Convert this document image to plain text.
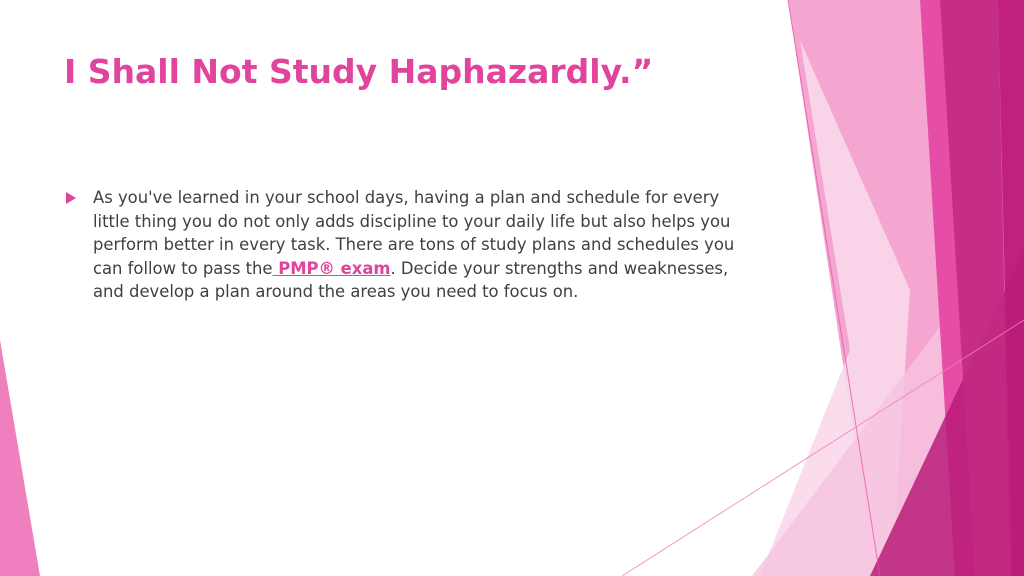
I Shall Not Study Haphazardly.”
As you've learned in your school days, having a plan and schedule for every little thing you do not only adds discipline to your daily life but also helps you perform better in every task. There are tons of study plans and schedules you can follow to pass the PMP® exam. Decide your strengths and weaknesses, and develop a plan around the areas you need to focus on.
